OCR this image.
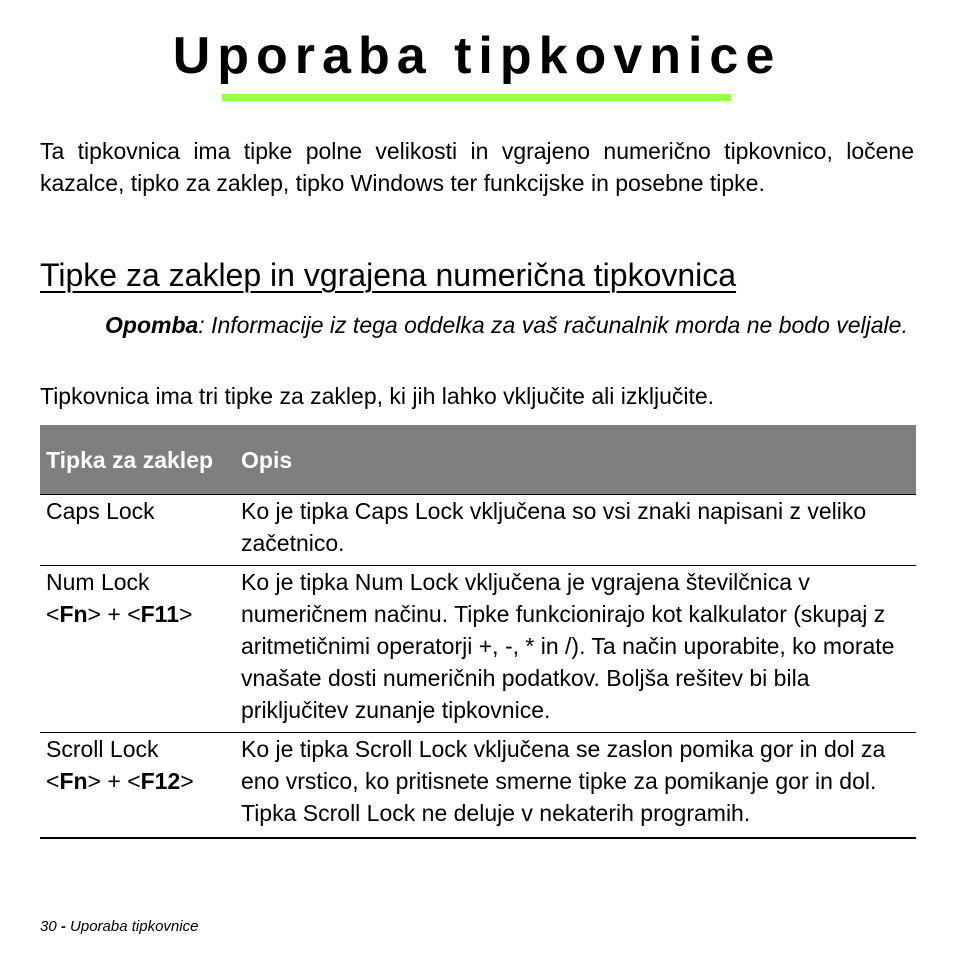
Uporaba tipkovnice

Ta tipkovnica ima tipke polne velikosti in vgrajeno numerično tipkovnico, ločene kazalce, tipko za zaklep, tipko Windows ter funkcijske in posebne tipke.

Tipke za zaklep in vgrajena numerična tipkovnica

Opomba: Informacije iz tega oddelka za vaš računalnik morda ne bodo veljale.

Tipkovnica ima tri tipke za zaklep, ki jih lahko vključite ali izključite.

Tipka za zaklep	Opis
Caps Lock	Ko je tipka Caps Lock vključena so vsi znaki napisani z veliko začetnico.
Num Lock
<Fn> + <F11>	Ko je tipka Num Lock vključena je vgrajena številčnica v numeričnem načinu. Tipke funkcionirajo kot kalkulator (skupaj z aritmetičnimi operatorji +, -, * in /). Ta način uporabite, ko morate vnašate dosti numeričnih podatkov. Boljša rešitev bi bila priključitev zunanje tipkovnice.
Scroll Lock
<Fn> + <F12>	Ko je tipka Scroll Lock vključena se zaslon pomika gor in dol za eno vrstico, ko pritisnete smerne tipke za pomikanje gor in dol. Tipka Scroll Lock ne deluje v nekaterih programih.

30 - Uporaba tipkovnice
